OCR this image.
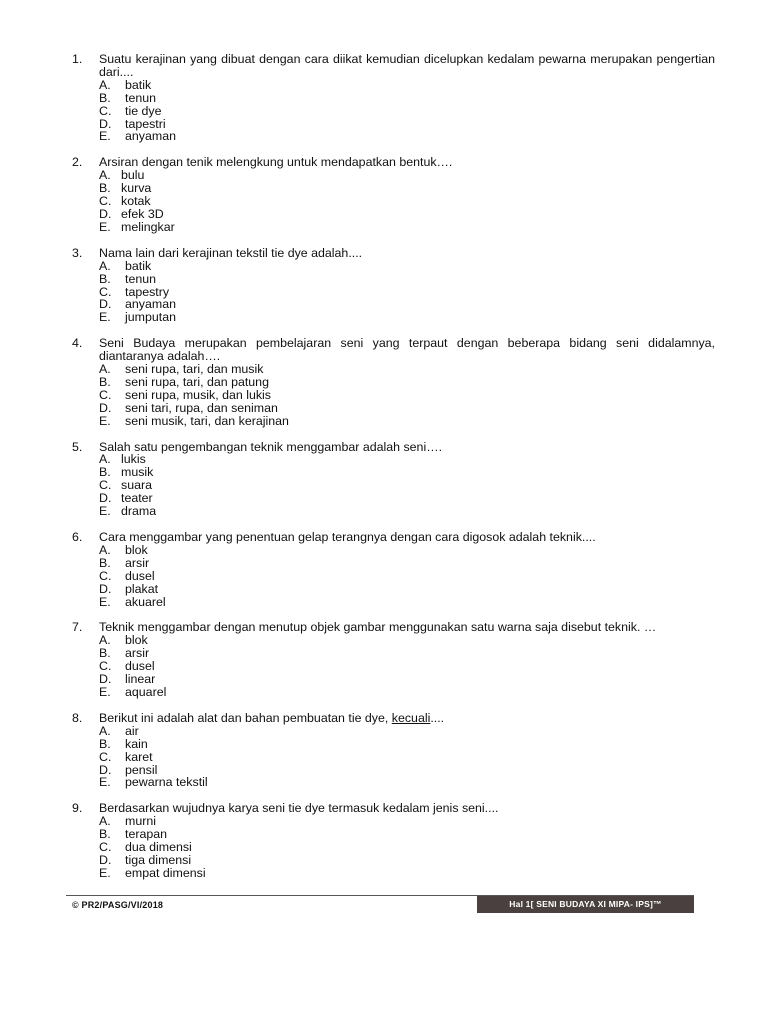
1. Suatu kerajinan yang dibuat dengan cara diikat kemudian dicelupkan kedalam pewarna merupakan pengertian dari....
A.	batik
B.	tenun
C.	tie dye
D.	tapestri
E.	anyaman
2. Arsiran dengan tenik melengkung untuk mendapatkan bentuk….
A. bulu
B. kurva
C. kotak
D. efek 3D
E. melingkar
3. Nama lain dari kerajinan tekstil tie dye adalah....
A.	batik
B.	tenun
C.	tapestry
D.	anyaman
E.	jumputan
4. Seni Budaya merupakan pembelajaran seni yang terpaut dengan beberapa bidang seni didalamnya, diantaranya adalah….
A.	seni rupa, tari, dan musik
B.	seni rupa, tari, dan patung
C.	seni rupa, musik, dan lukis
D.	seni tari, rupa, dan seniman
E.	seni musik, tari, dan kerajinan
5. Salah satu pengembangan teknik menggambar adalah seni….
A. lukis
B. musik
C. suara
D. teater
E. drama
6. Cara menggambar yang penentuan gelap terangnya dengan cara digosok adalah teknik....
A.	blok
B.	arsir
C.	dusel
D.	plakat
E.	akuarel
7. Teknik menggambar dengan menutup objek gambar menggunakan satu warna saja disebut teknik. …
A.	blok
B.	arsir
C.	dusel
D.	linear
E.	aquarel
8. Berikut ini adalah alat dan bahan pembuatan tie dye, kecuali....
A.	air
B.	kain
C.	karet
D.	pensil
E.	pewarna tekstil
9. Berdasarkan wujudnya karya seni tie dye termasuk kedalam jenis seni....
A.	murni
B.	terapan
C.	dua dimensi
D.	tiga dimensi
E.	empat dimensi
© PR2/PASG/VI/2018	Hal 1[ SENI BUDAYA XI MIPA- IPS]™
